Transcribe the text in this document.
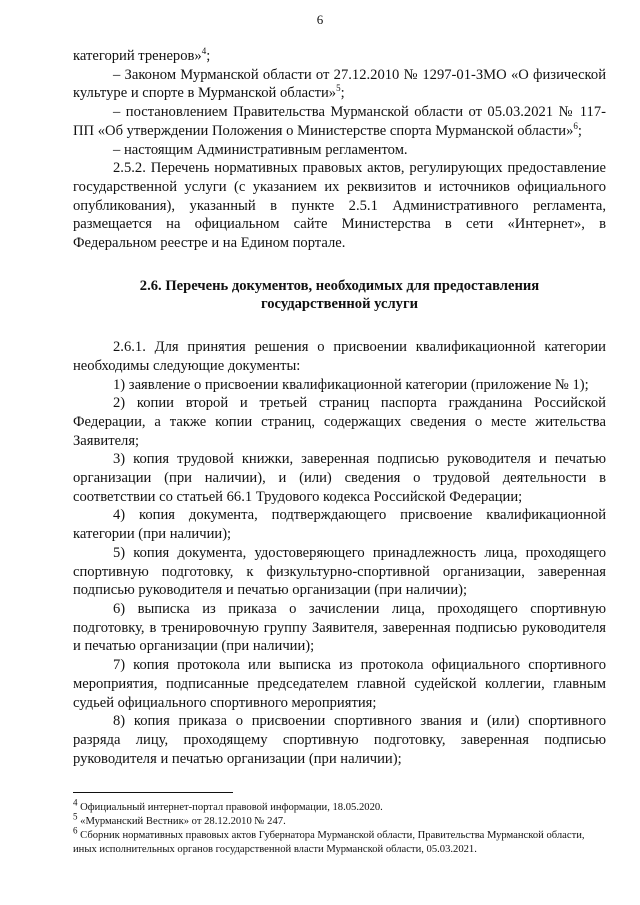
6

категорий тренеров»$^4$;

– Законом Мурманской области от 27.12.2010 № 1297-01-ЗМО «О физической культуре и спорте в Мурманской области»$^5$;

– постановлением Правительства Мурманской области от 05.03.2021 № 117-ПП «Об утверждении Положения о Министерстве спорта Мурманской области»$^6$;

– настоящим Административным регламентом.

2.5.2. Перечень нормативных правовых актов, регулирующих предоставление государственной услуги (с указанием их реквизитов и источников официального опубликования), указанный в пункте 2.5.1 Административного регламента, размещается на официальном сайте Министерства в сети «Интернет», в Федеральном реестре и на Едином портале.

2.6. Перечень документов, необходимых для предоставления
государственной услуги

2.6.1. Для принятия решения о присвоении квалификационной категории необходимы следующие документы:

1) заявление о присвоении квалификационной категории (приложение № 1);

2) копии второй и третьей страниц паспорта гражданина Российской Федерации, а также копии страниц, содержащих сведения о месте жительства Заявителя;

3) копия трудовой книжки, заверенная подписью руководителя и печатью организации (при наличии), и (или) сведения о трудовой деятельности в соответствии со статьей 66.1 Трудового кодекса Российской Федерации;

4) копия документа, подтверждающего присвоение квалификационной категории (при наличии);

5) копия документа, удостоверяющего принадлежность лица, проходящего спортивную подготовку, к физкультурно-спортивной организации, заверенная подписью руководителя и печатью организации (при наличии);

6) выписка из приказа о зачислении лица, проходящего спортивную подготовку, в тренировочную группу Заявителя, заверенная подписью руководителя и печатью организации (при наличии);

7) копия протокола или выписка из протокола официального спортивного мероприятия, подписанные председателем главной судейской коллегии, главным судьей официального спортивного мероприятия;

8) копия приказа о присвоении спортивного звания и (или) спортивного разряда лицу, проходящему спортивную подготовку, заверенная подписью руководителя и печатью организации (при наличии);

$^4$ Официальный интернет-портал правовой информации, 18.05.2020.

$^5$ «Мурманский Вестник» от 28.12.2010 № 247.

$^6$ Сборник нормативных правовых актов Губернатора Мурманской области, Правительства Мурманской области, иных исполнительных органов государственной власти Мурманской области, 05.03.2021.
